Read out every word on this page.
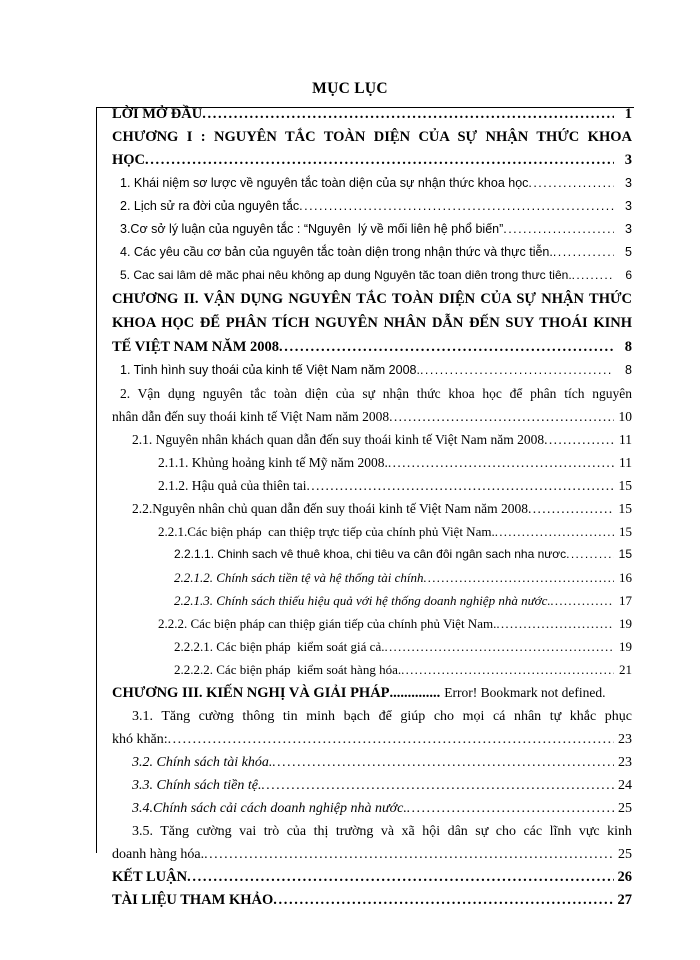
MỤC LỤC
LỜI MỞ ĐẦU . . .	1
CHƯƠNG I : NGUYÊN TẮC TOÀN DIỆN CỦA SỰ NHẬN THỨC KHOA
HỌC . . .	3
1. Khái niệm sơ lược về nguyên tắc toàn diện của sự nhận thức khoa học . . .	3
2. Lịch sử ra đời của nguyên tắc . . .	3
3.Cơ sở lý luận của nguyên tắc : “Nguyên  lý về mối liên hệ phổ biến” . . .	3
4. Các yêu cầu cơ bản của nguyên tắc toàn diện trong nhận thức và thực tiễn. . . .	5
5. Cac sai lâm dê măc phai nêu không ap dung Nguyên tăc toan diên trong thưc tiên. . . .	6
CHƯƠNG II. VẬN DỤNG NGUYÊN TẮC TOÀN DIỆN CỦA SỰ NHẬN THỨC
KHOA HỌC ĐỂ PHÂN TÍCH NGUYÊN NHÂN DẪN ĐẾN SUY THOÁI KINH
TẾ VIỆT NAM NĂM 2008 . . .	8
1. Tinh hình suy thoái của kinh tế Việt Nam năm 2008. . . .	8
2. Vận dụng nguyên tắc toàn diện của sự nhận thức khoa học để phân tích nguyên
nhân dẫn đến suy thoái kinh tế Việt Nam năm 2008 . . .	10
2.1. Nguyên nhân khách quan dẫn đến suy thoái kinh tế Việt Nam năm 2008 . . .	11
2.1.1. Khủng hoảng kinh tế Mỹ năm 2008. . . .	11
2.1.2. Hậu quả của thiên tai . . .	15
2.2.Nguyên nhân chủ quan dẫn đến suy thoái kinh tế Việt Nam năm 2008 . . .	15
2.2.1.Các biện pháp  can thiệp trực tiếp của chính phủ Việt Nam. . . .	15
2.2.1.1. Chinh sach vê thuê khoa, chi tiêu va cân đôi ngân sach nha nươc . . .	15
2.2.1.2. Chính sách tiền tệ và hệ thống tài chính . . .	16
2.2.1.3. Chính sách thiếu hiệu quả với hệ thống doanh nghiệp nhà nước. . . .	17
2.2.2. Các biện pháp can thiệp gián tiếp của chính phủ Việt Nam. . . .	19
2.2.2.1. Các biện pháp  kiểm soát giá cả. . . .	19
2.2.2.2. Các biện pháp  kiểm soát hàng hóa. . . .	21
CHƯƠNG III. KIẾN NGHỊ VÀ GIẢI PHÁP .............. Error! Bookmark not defined.
3.1. Tăng cường thông tin minh bạch để giúp cho mọi cá nhân tự khắc phục
khó khăn: . . .	23
3.2. Chính sách tài khóa. . . .	23
3.3. Chính sách tiền tệ. . . .	24
3.4.Chính sách cải cách doanh nghiệp nhà nước. . . .	25
3.5. Tăng cường vai trò của thị trường và xã hội dân sự cho các lĩnh vực kinh
doanh hàng hóa. . . .	25
KẾT LUẬN . . .	26
TÀI LIỆU THAM KHẢO . . .	27
